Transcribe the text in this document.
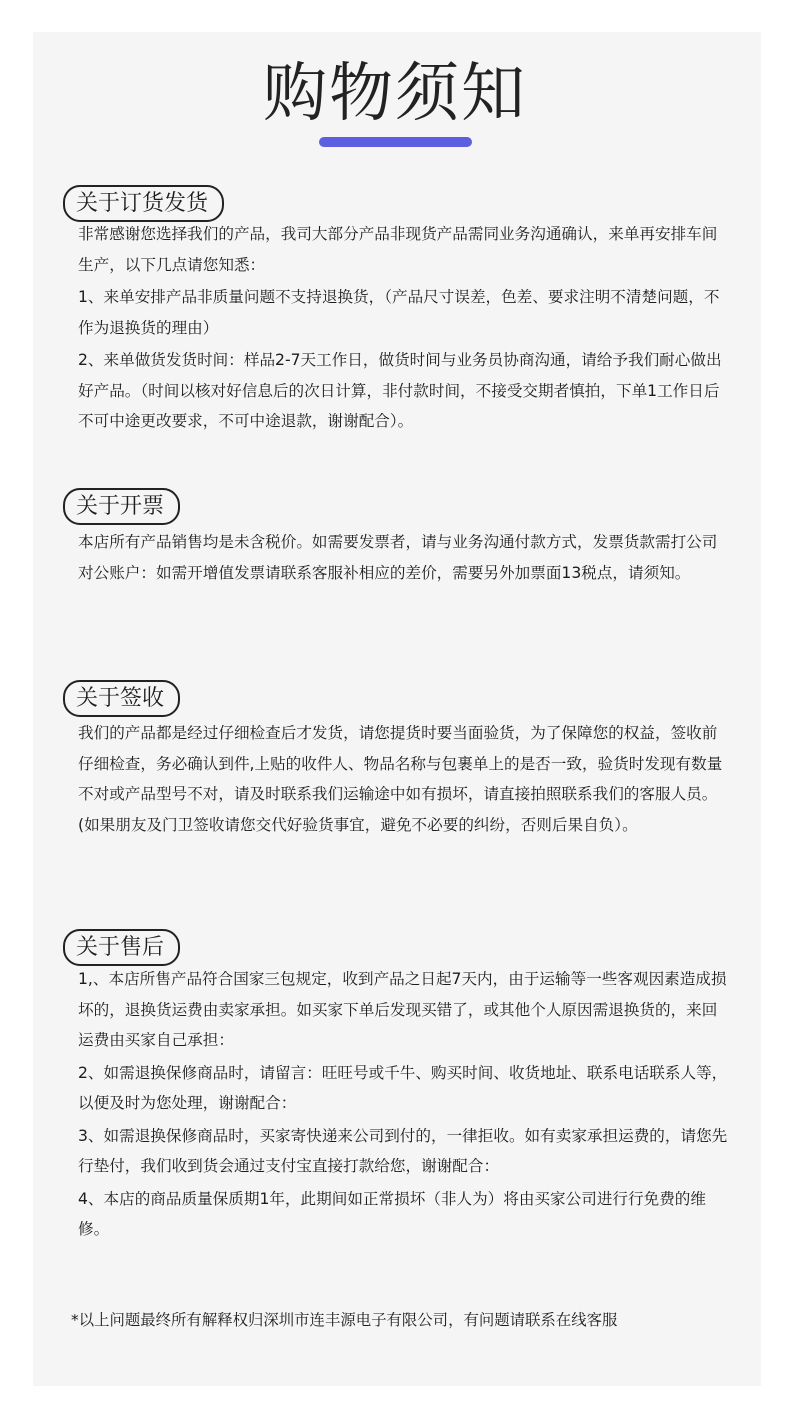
购物须知
关于订货发货

非常感谢您选择我们的产品，我司大部分产品非现货产品需同业务沟通确认，来单再安排车间生产，以下几点请您知悉：

1、来单安排产品非质量问题不支持退换货，（产品尺寸误差，色差、要求注明不清楚问题，不作为退换货的理由）

2、来单做货发货时间：样品2-7天工作日，做货时间与业务员协商沟通，请给予我们耐心做出好产品。（时间以核对好信息后的次日计算，非付款时间，不接受交期者慎拍，下单1工作日后不可中途更改要求，不可中途退款，谢谢配合）。

关于开票

本店所有产品销售均是未含税价。如需要发票者，请与业务沟通付款方式，发票货款需打公司对公账户：如需开增值发票请联系客服补相应的差价，需要另外加票面13税点，请须知。

关于签收

我们的产品都是经过仔细检查后才发货，请您提货时要当面验货，为了保障您的权益，签收前仔细检查，务必确认到件,上贴的收件人、物品名称与包裹单上的是否一致，验货时发现有数量不对或产品型号不对，请及时联系我们运输途中如有损坏，请直接拍照联系我们的客服人员。(如果朋友及门卫签收请您交代好验货事宜，避免不必要的纠纷，否则后果自负）。

关于售后

1,、本店所售产品符合国家三包规定，收到产品之日起7天内，由于运输等一些客观因素造成损坏的，退换货运费由卖家承担。如买家下单后发现买错了，或其他个人原因需退换货的，来回运费由买家自己承担：

2、如需退换保修商品时，请留言：旺旺号或千牛、购买时间、收货地址、联系电话联系人等，以便及时为您处理，谢谢配合：

3、如需退换保修商品时，买家寄快递来公司到付的，一律拒收。如有卖家承担运费的，请您先行垫付，我们收到货会通过支付宝直接打款给您，谢谢配合：

4、本店的商品质量保质期1年，此期间如正常损坏（非人为）将由买家公司进行行免费的维修。

*以上问题最终所有解释权归深圳市连丰源电子有限公司，有问题请联系在线客服
